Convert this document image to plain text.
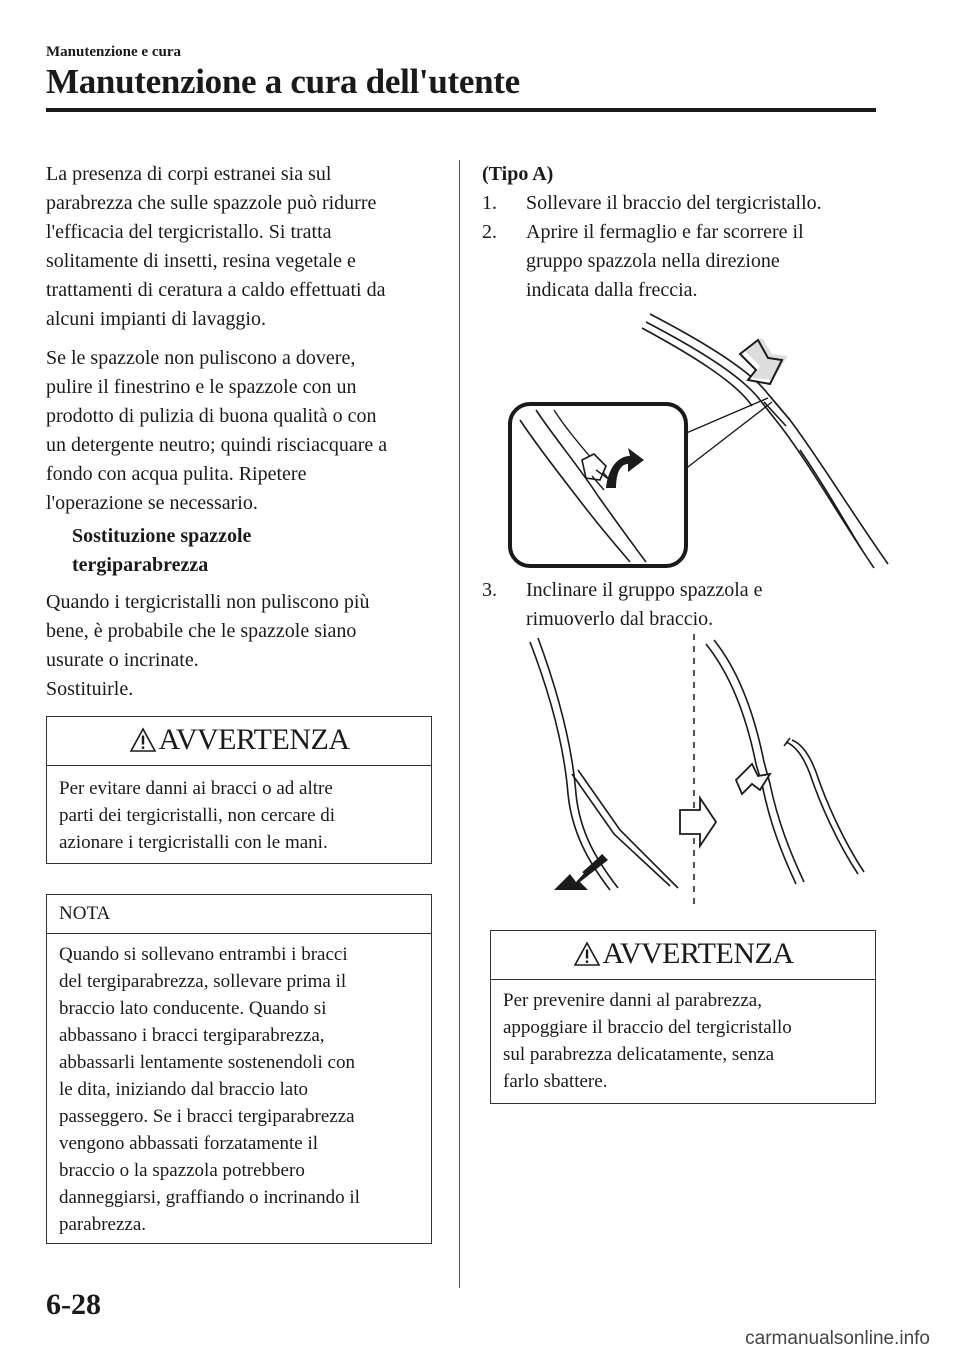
Manutenzione e cura
Manutenzione a cura dell'utente
La presenza di corpi estranei sia sul
parabrezza che sulle spazzole può ridurre
l'efficacia del tergicristallo. Si tratta
solitamente di insetti, resina vegetale e
trattamenti di ceratura a caldo effettuati da
alcuni impianti di lavaggio.
Se le spazzole non puliscono a dovere,
pulire il finestrino e le spazzole con un
prodotto di pulizia di buona qualità o con
un detergente neutro; quindi risciacquare a
fondo con acqua pulita. Ripetere
l'operazione se necessario.
Sostituzione spazzole
tergiparabrezza
Quando i tergicristalli non puliscono più
bene, è probabile che le spazzole siano
usurate o incrinate.
Sostituirle.
AVVERTENZA
Per evitare danni ai bracci o ad altre
parti dei tergicristalli, non cercare di
azionare i tergicristalli con le mani.
NOTA
Quando si sollevano entrambi i bracci
del tergiparabrezza, sollevare prima il
braccio lato conducente. Quando si
abbassano i bracci tergiparabrezza,
abbassarli lentamente sostenendoli con
le dita, iniziando dal braccio lato
passeggero. Se i bracci tergiparabrezza
vengono abbassati forzatamente il
braccio o la spazzola potrebbero
danneggiarsi, graffiando o incrinando il
parabrezza.
(Tipo A)
1. Sollevare il braccio del tergicristallo.
2. Aprire il fermaglio e far scorrere il
gruppo spazzola nella direzione
indicata dalla freccia.
3. Inclinare il gruppo spazzola e
rimuoverlo dal braccio.
AVVERTENZA
Per prevenire danni al parabrezza,
appoggiare il braccio del tergicristallo
sul parabrezza delicatamente, senza
farlo sbattere.
6-28
carmanualsonline.info
